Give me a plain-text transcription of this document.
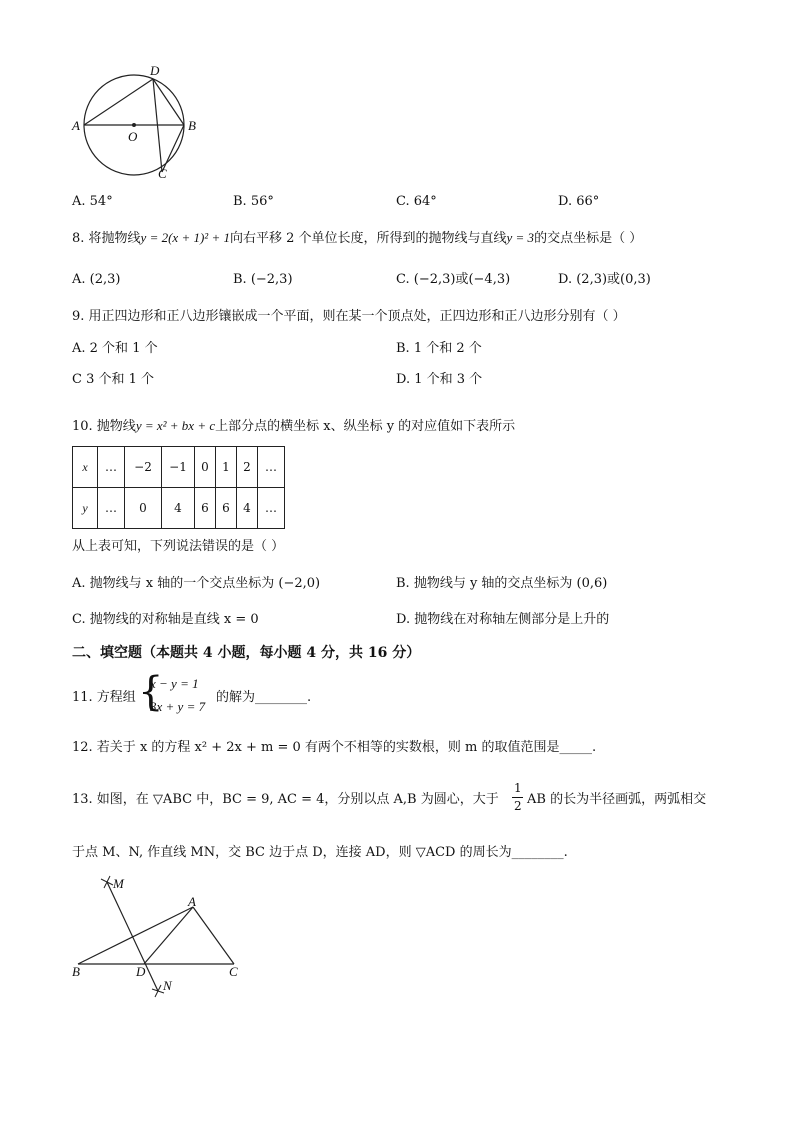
D
A
O
B
C
A. 54°	B. 56°	C. 64°	D. 66°
8. 将抛物线y = 2(x + 1)² + 1向右平移 2 个单位长度，所得到的抛物线与直线y = 3的交点坐标是（ ）
A. (2,3)	B. (−2,3)	C. (−2,3)或(−4,3)	D. (2,3)或(0,3)
9. 用正四边形和正八边形镶嵌成一个平面，则在某一个顶点处，正四边形和正八边形分别有（ ）
A. 2 个和 1 个	B. 1 个和 2 个
C 3 个和 1 个	D. 1 个和 3 个
10. 抛物线y = x² + bx + c上部分点的横坐标 x、纵坐标 y 的对应值如下表所示
x	…	−2	−1	0	1	2	…
y	…	0	4	6	6	4	…
从上表可知，下列说法错误的是（ ）
A. 抛物线与 x 轴的一个交点坐标为 (−2,0)	B. 抛物线与 y 轴的交点坐标为 (0,6)
C. 抛物线的对称轴是直线 x = 0	D. 抛物线在对称轴左侧部分是上升的
二、填空题（本题共 4 小题，每小题 4 分，共 16 分）
11. 方程组 {
x − y = 1
3x + y = 7
的解为________.
12. 若关于 x 的方程 x² + 2x + m = 0 有两个不相等的实数根，则 m 的取值范围是_____.
13. 如图，在 ▽ABC 中，BC = 9, AC = 4，分别以点 A,B 为圆心，大于
1
2 AB 的长为半径画弧，两弧相交
于点 M、N, 作直线 MN，交 BC 边于点 D，连接 AD，则 ▽ACD 的周长为________.
M
A
B	D	C
N
